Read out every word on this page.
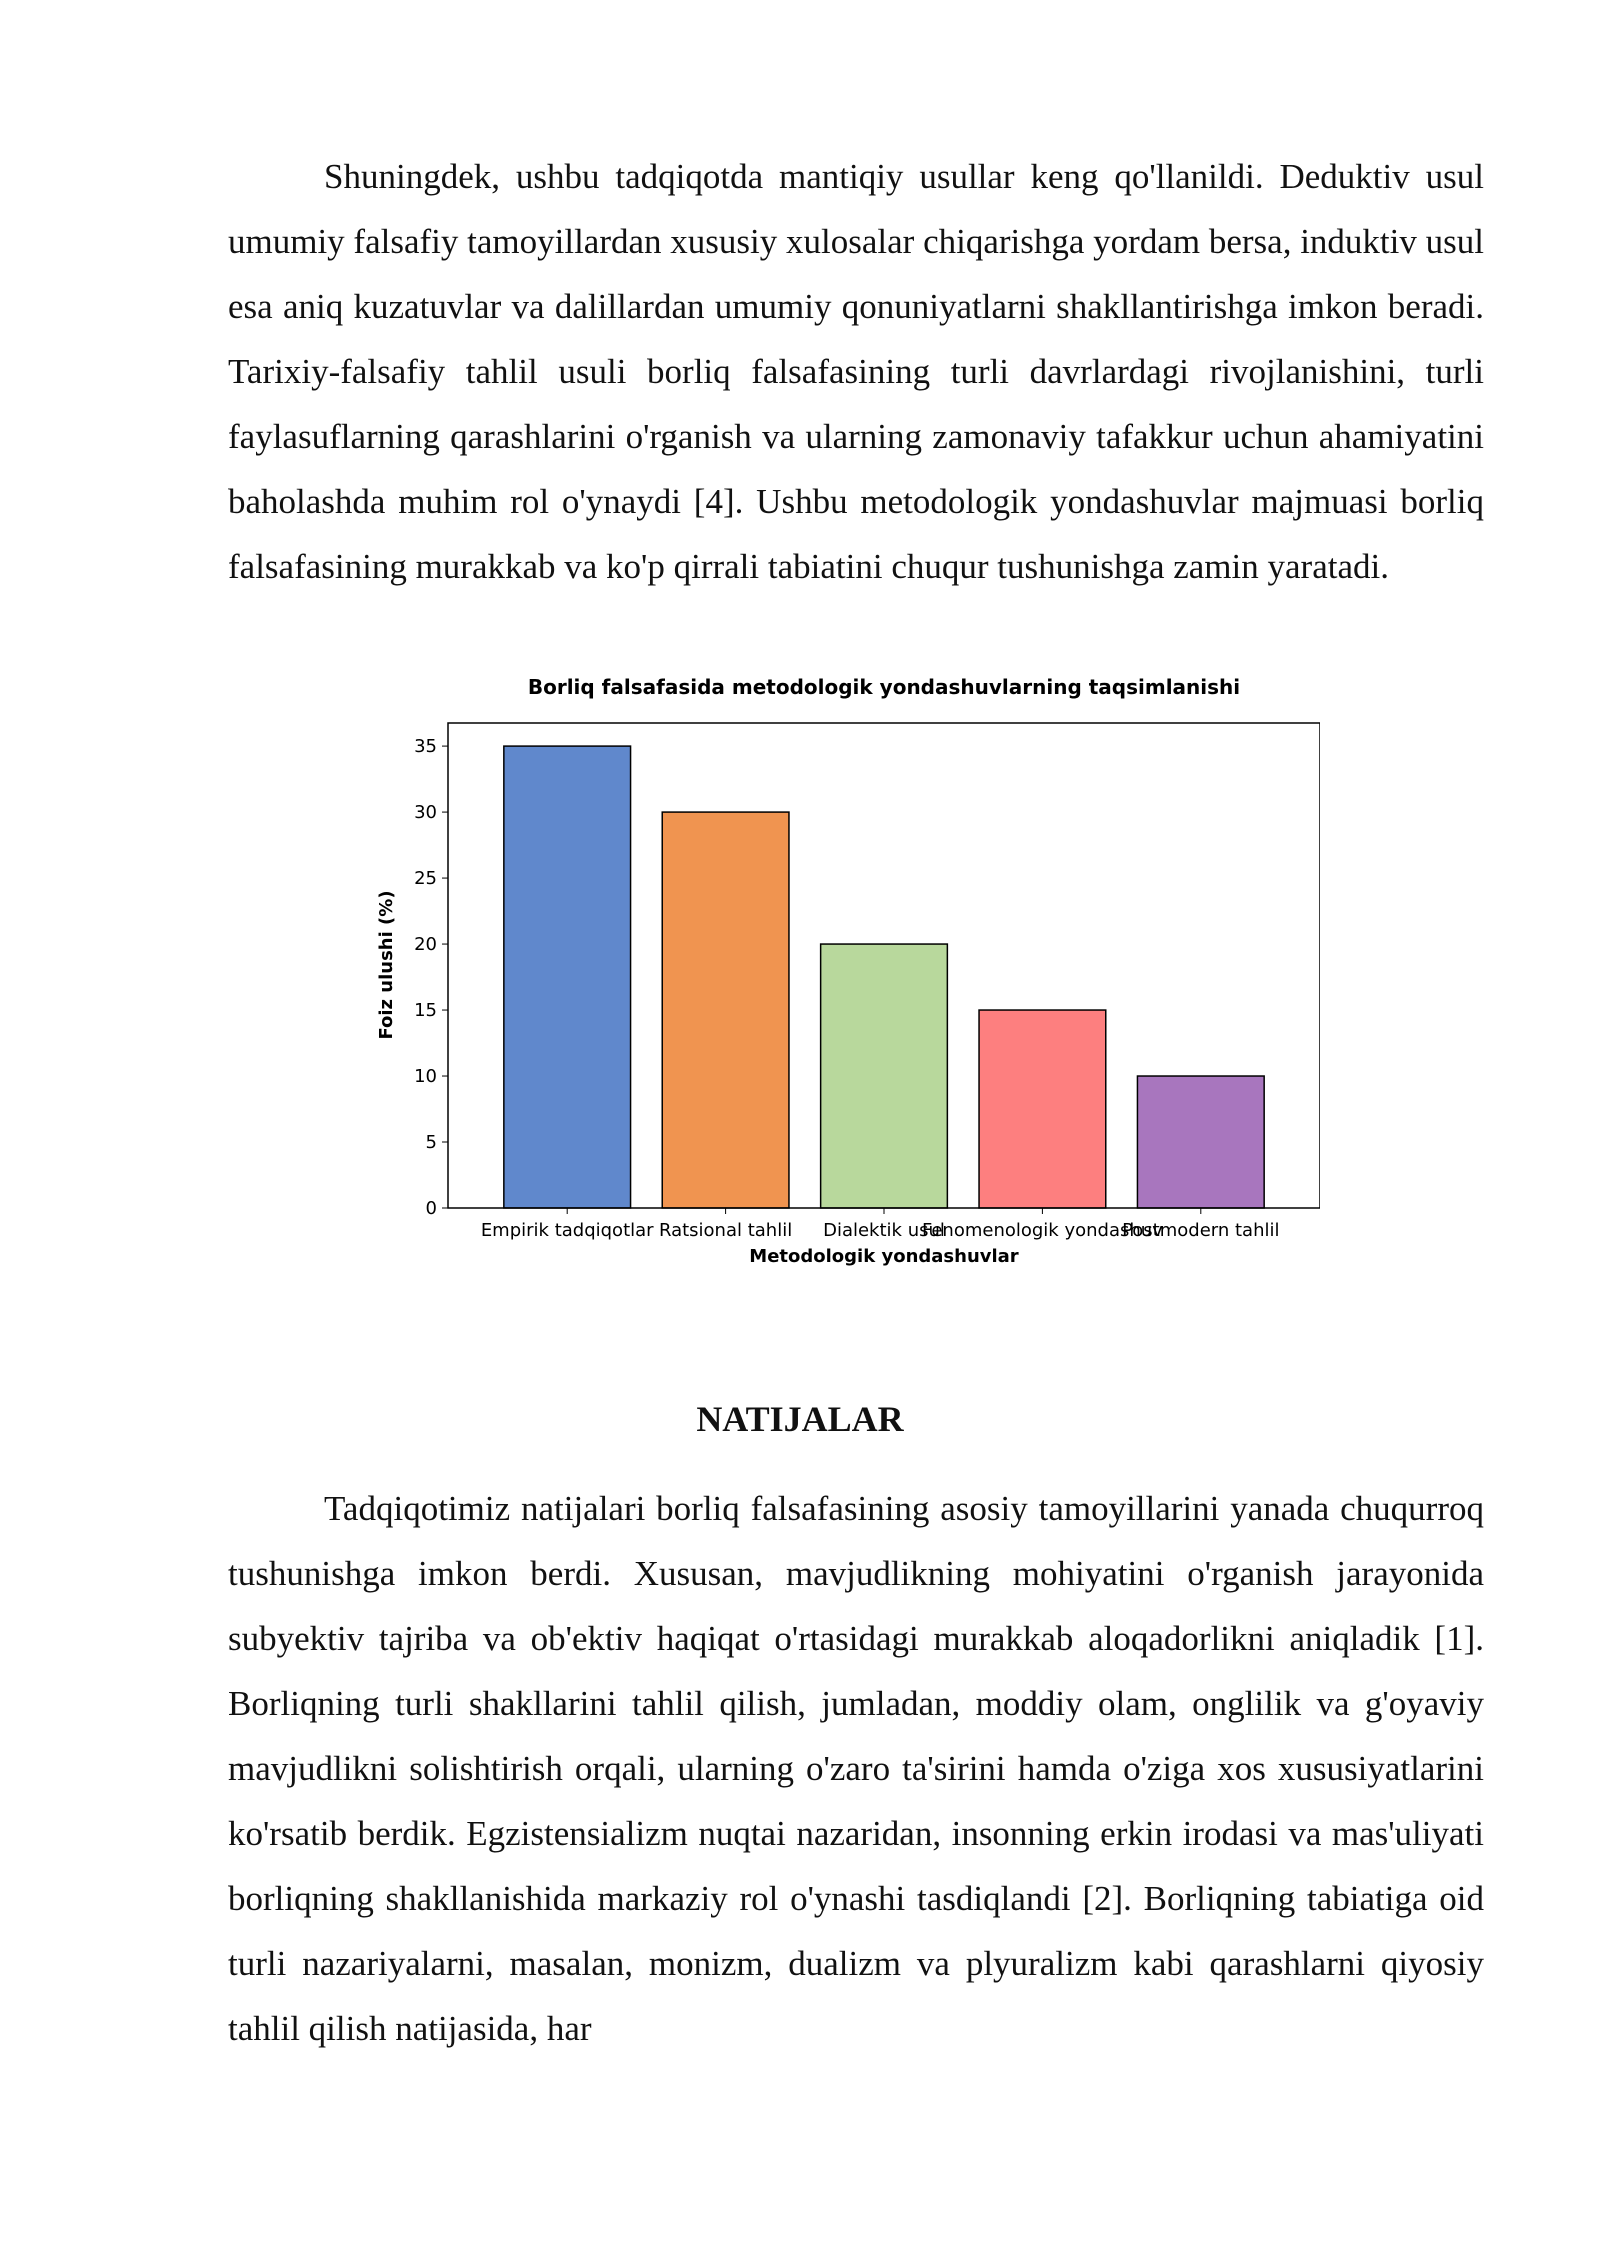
Shuningdek, ushbu tadqiqotda mantiqiy usullar keng qo'llanildi. Deduktiv usul umumiy falsafiy tamoyillardan xususiy xulosalar chiqarishga yordam bersa, induktiv usul esa aniq kuzatuvlar va dalillardan umumiy qonuniyatlarni shakllantirishga imkon beradi. Tarixiy-falsafiy tahlil usuli borliq falsafasining turli davrlardagi rivojlanishini, turli faylasuflarning qarashlarini o'rganish va ularning zamonaviy tafakkur uchun ahamiyatini baholashda muhim rol o'ynaydi [4]. Ushbu metodologik yondashuvlar majmuasi borliq falsafasining murakkab va ko'p qirrali tabiatini chuqur tushunishga zamin yaratadi.

Borliq falsafasida metodologik yondashuvlarning taqsimlanishi
Foiz ulushi (%)
Metodologik yondashuvlar
Empirik tadqiqotlar Ratsional tahlil Dialektik usul
Fenomenologik yondashuv
Postmodern tahlil
0
5
10
15
20
25
30
35
NATIJALAR

Tadqiqotimiz natijalari borliq falsafasining asosiy tamoyillarini yanada chuqurroq tushunishga imkon berdi. Xususan, mavjudlikning mohiyatini o'rganish jarayonida subyektiv tajriba va ob'ektiv haqiqat o'rtasidagi murakkab aloqadorlikni aniqladik [1]. Borliqning turli shakllarini tahlil qilish, jumladan, moddiy olam, onglilik va g'oyaviy mavjudlikni solishtirish orqali, ularning o'zaro ta'sirini hamda o'ziga xos xususiyatlarini ko'rsatib berdik. Egzistensializm nuqtai nazaridan, insonning erkin irodasi va mas'uliyati borliqning shakllanishida markaziy rol o'ynashi tasdiqlandi [2]. Borliqning tabiatiga oid turli nazariyalarni, masalan, monizm, dualizm va plyuralizm kabi qarashlarni qiyosiy tahlil qilish natijasida, har
